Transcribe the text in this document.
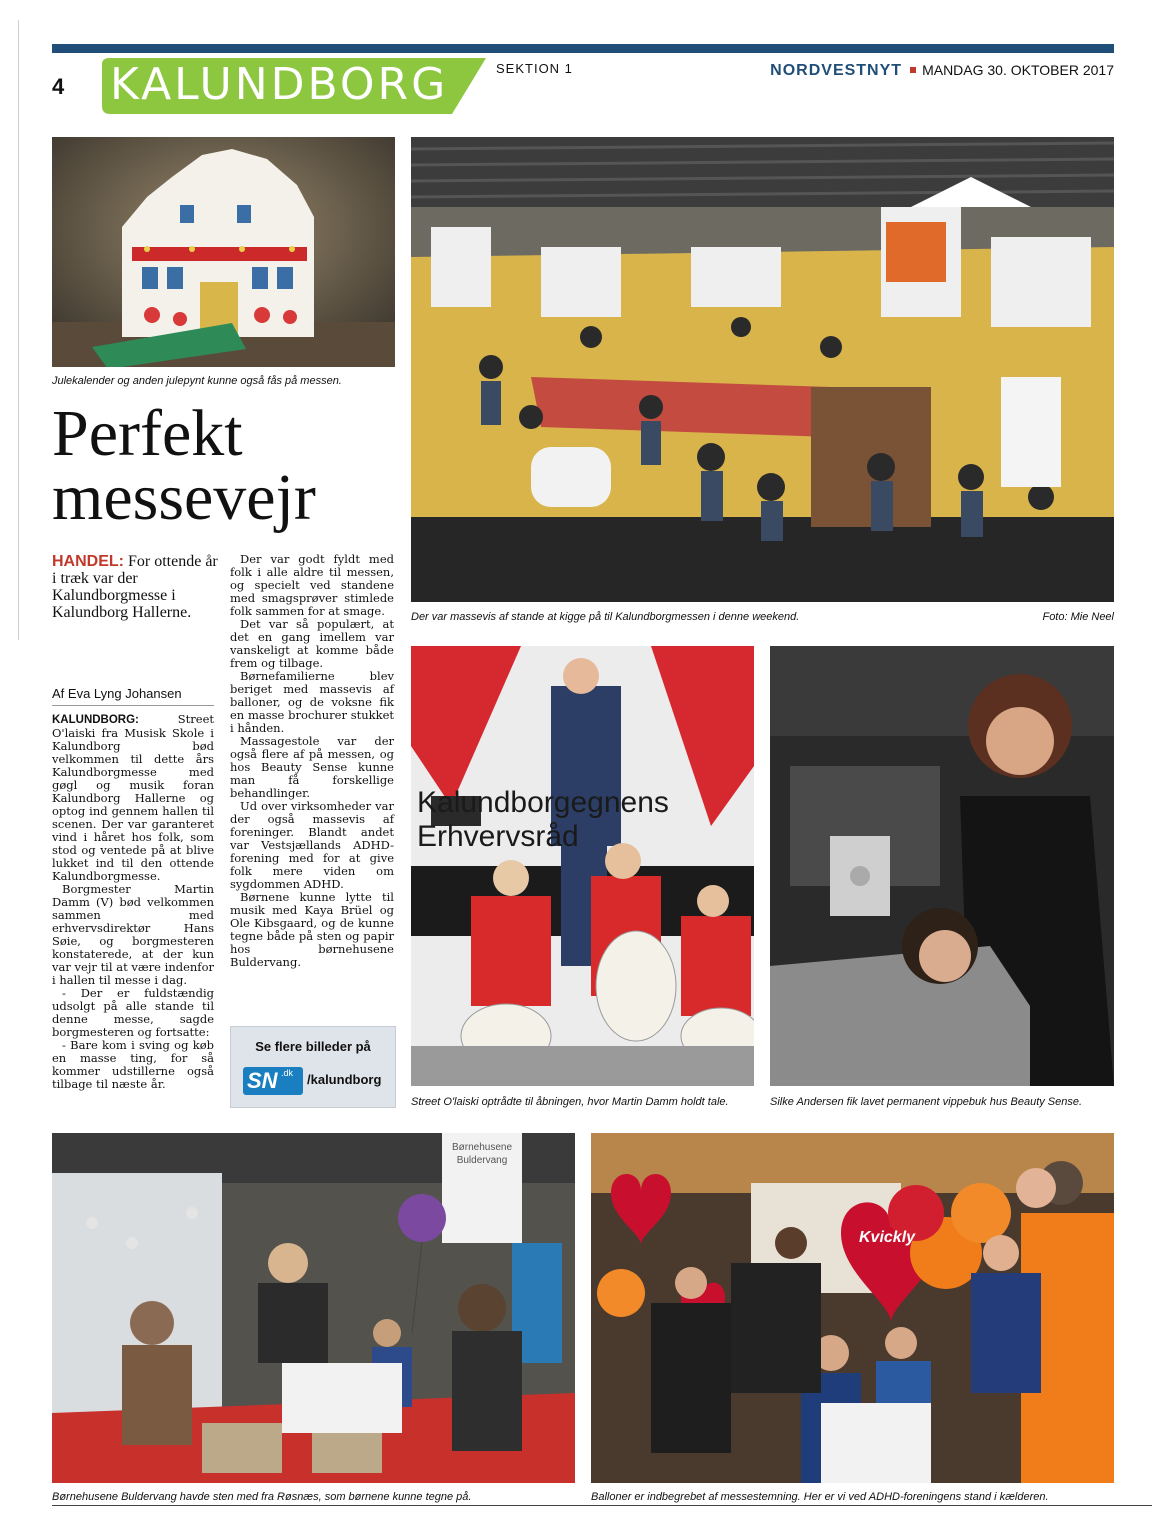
4 KALUNDBORG	SEKTION 1	NORDVESTNYT MANDAG 30. OKTOBER 2017
Julekalender og anden julepynt kunne også fås på messen.
Perfekt messevejr
HANDEL: For ottende år i træk var der Kalundborgmesse i Kalundborg Hallerne.
Af Eva Lyng Johansen

KALUNDBORG:	Street O'laiski fra Musisk Skole i Kalundborg bød velkommen til dette års Kalundborgmesse med gøgl og musik foran Kalundborg Hallerne og optog ind gennem hallen til scenen. Der var garanteret vind i håret hos folk, som stod og ventede på at blive lukket ind til den ottende Kalundborgmesse.

Borgmester Martin Damm (V) bød velkommen sammen med erhvervsdirektør Hans Søie, og borgmesteren konstaterede, at der kun var vejr til at være indenfor i hallen til messe i dag.

- Der er fuldstændig udsolgt på alle stande til denne messe, sagde borgmesteren og fortsatte:

- Bare kom i sving og køb en masse ting, for så kommer udstillerne også tilbage til næste år.

Der var godt fyldt med folk i alle aldre til messen, og specielt ved standene med smagsprøver stimlede folk sammen for at smage.

Det var så populært, at det en gang imellem var vanskeligt at komme både frem og tilbage.

Børnefamilierne blev beriget med massevis af balloner, og de voksne fik en masse brochurer stukket i hånden.

Massagestole var der også flere af på messen, og hos Beauty Sense kunne man få forskellige behandlinger.

Ud over virksomheder var der også massevis af foreninger. Blandt andet var Vestsjællands ADHD-forening med for at give folk mere viden om sygdommen ADHD.

Børnene kunne lytte til musik med Kaya Brüel og Ole Kibsgaard, og de kunne tegne både på sten og papir hos børnehusene Buldervang.

Se flere billeder på
SN .dk /kalundborg
Der var massevis af stande at kigge på til Kalundborgmessen i denne weekend.	Foto: Mie Neel
Kalundborgegnens Erhvervsråd
Street O'laiski optrådte til åbningen, hvor Martin Damm holdt tale.	Silke Andersen fik lavet permanent vippebuk hus Beauty Sense.
Børnehusene Buldervang
Børnehusene Buldervang havde sten med fra Røsnæs, som børnene kunne tegne på.
Kvickly
Balloner er indbegrebet af messestemning. Her er vi ved ADHD-foreningens stand i kælderen.
